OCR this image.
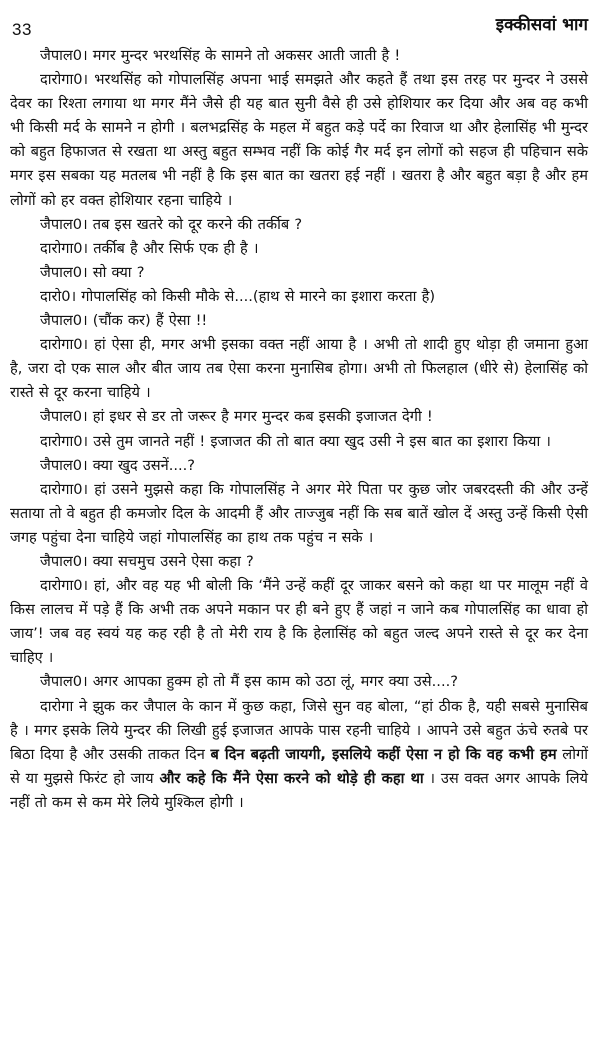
33	इक्कीसवां भाग

जैपाल0। मगर मुन्दर भरथसिंह के सामने तो अकसर आती जाती है !

दारोगा0। भरथसिंह को गोपालसिंह अपना भाई समझते और कहते हैं तथा इस तरह पर मुन्दर ने उससे देवर का रिश्ता लगाया था मगर मैंने जैसे ही यह बात सुनी वैसे ही उसे होशियार कर दिया और अब वह कभी भी किसी मर्द के सामने न होगी । बलभद्रसिंह के महल में बहुत कड़े पर्दे का रिवाज था और हेलासिंह भी मुन्दर को बहुत हिफाजत से रखता था अस्तु बहुत सम्भव नहीं कि कोई गैर मर्द इन लोगों को सहज ही पहिचान सके मगर इस सबका यह मतलब भी नहीं है कि इस बात का खतरा हई नहीं । खतरा है और बहुत बड़ा है और हम लोगों को हर वक्त होशियार रहना चाहिये ।

जैपाल0। तब इस खतरे को दूर करने की तर्कीब ?

दारोगा0। तर्कीब है और सिर्फ एक ही है ।

जैपाल0। सो क्या ?

दारो0। गोपालसिंह को किसी मौके से....(हाथ से मारने का इशारा करता है)

जैपाल0। (चौंक कर) हैं ऐसा !!

दारोगा0। हां ऐसा ही, मगर अभी इसका वक्त नहीं आया है । अभी तो शादी हुए थोड़ा ही जमाना हुआ है, जरा दो एक साल और बीत जाय तब ऐसा करना मुनासिब होगा। अभी तो फिलहाल (धीरे से) हेलासिंह को रास्ते से दूर करना चाहिये ।

जैपाल0। हां इधर से डर तो जरूर है मगर मुन्दर कब इसकी इजाजत देगी !

दारोगा0। उसे तुम जानते नहीं ! इजाजत की तो बात क्या खुद उसी ने इस बात का इशारा किया ।

जैपाल0। क्या खुद उसनें....?

दारोगा0। हां उसने मुझसे कहा कि गोपालसिंह ने अगर मेरे पिता पर कुछ जोर जबरदस्ती की और उन्हें सताया तो वे बहुत ही कमजोर दिल के आदमी हैं और ताज्जुब नहीं कि सब बातें खोल दें अस्तु उन्हें किसी ऐसी जगह पहुंचा देना चाहिये जहां गोपालसिंह का हाथ तक पहुंच न सके ।

जैपाल0। क्या सचमुच उसने ऐसा कहा ?

दारोगा0। हां, और वह यह भी बोली कि ‘मैंने उन्हें कहीं दूर जाकर बसने को कहा था पर मालूम नहीं वे किस लालच में पड़े हैं कि अभी तक अपने मकान पर ही बने हुए हैं जहां न जाने कब गोपालसिंह का धावा हो जाय’! जब वह स्वयं यह कह रही है तो मेरी राय है कि हेलासिंह को बहुत जल्द अपने रास्ते से दूर कर देना चाहिए ।

जैपाल0। अगर आपका हुक्म हो तो मैं इस काम को उठा लूं, मगर क्या उसे....?

दारोगा ने झुक कर जैपाल के कान में कुछ कहा, जिसे सुन वह बोला, “हां ठीक है, यही सबसे मुनासिब है । मगर इसके लिये मुन्दर की लिखी हुई इजाजत आपके पास रहनी चाहिये । आपने उसे बहुत ऊंचे रुतबे पर बिठा दिया है और उसकी ताकत दिन ब दिन बढ़ती जायगी, इसलिये कहीं ऐसा न हो कि वह कभी हम लोगों से या मुझसे फिरंट हो जाय और कहे कि मैंने ऐसा करने को थोड़े ही कहा था । उस वक्त अगर आपके लिये नहीं तो कम से कम मेरे लिये मुश्किल होगी ।
